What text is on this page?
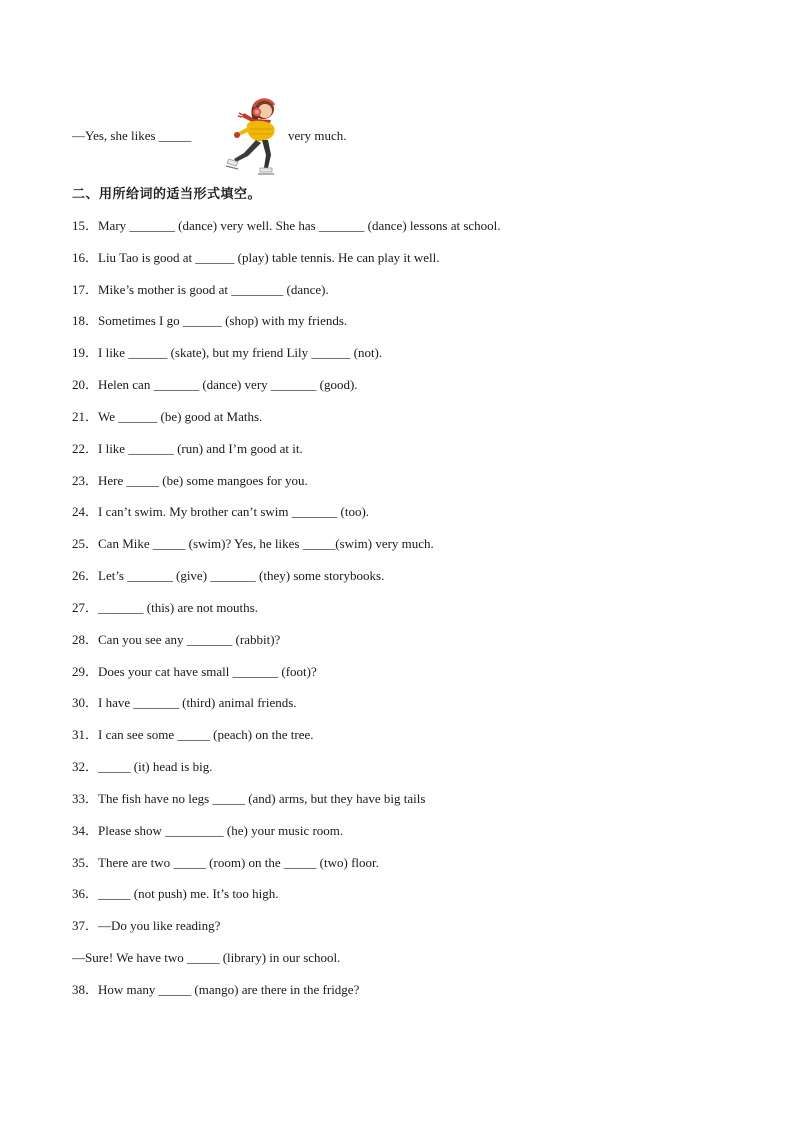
—Yes, she likes _____	very much.
二、用所给词的适当形式填空。
15．Mary _______ (dance) very well. She has _______ (dance) lessons at school.
16．Liu Tao is good at ______ (play) table tennis. He can play it well.
17．Mike’s mother is good at ________ (dance).
18．Sometimes I go ______ (shop) with my friends.
19．I like ______ (skate), but my friend Lily ______ (not).
20．Helen can _______ (dance) very _______ (good).
21．We ______ (be) good at Maths.
22．I like _______ (run) and I’m good at it.
23．Here _____ (be) some mangoes for you.
24．I can’t swim. My brother can’t swim _______ (too).
25．Can Mike _____ (swim)? Yes, he likes _____(swim) very much.
26．Let’s _______ (give) _______ (they) some storybooks.
27．_______ (this) are not mouths.
28．Can you see any _______ (rabbit)?
29．Does your cat have small _______ (foot)?
30．I have _______ (third) animal friends.
31．I can see some _____ (peach) on the tree.
32．_____ (it) head is big.
33．The fish have no legs _____ (and) arms, but they have big tails
34．Please show _________ (he) your music room.
35．There are two _____ (room) on the _____ (two) floor.
36．_____ (not push) me. It’s too high.
37．—Do you like reading?
—Sure! We have two _____ (library) in our school.
38．How many _____ (mango) are there in the fridge?
